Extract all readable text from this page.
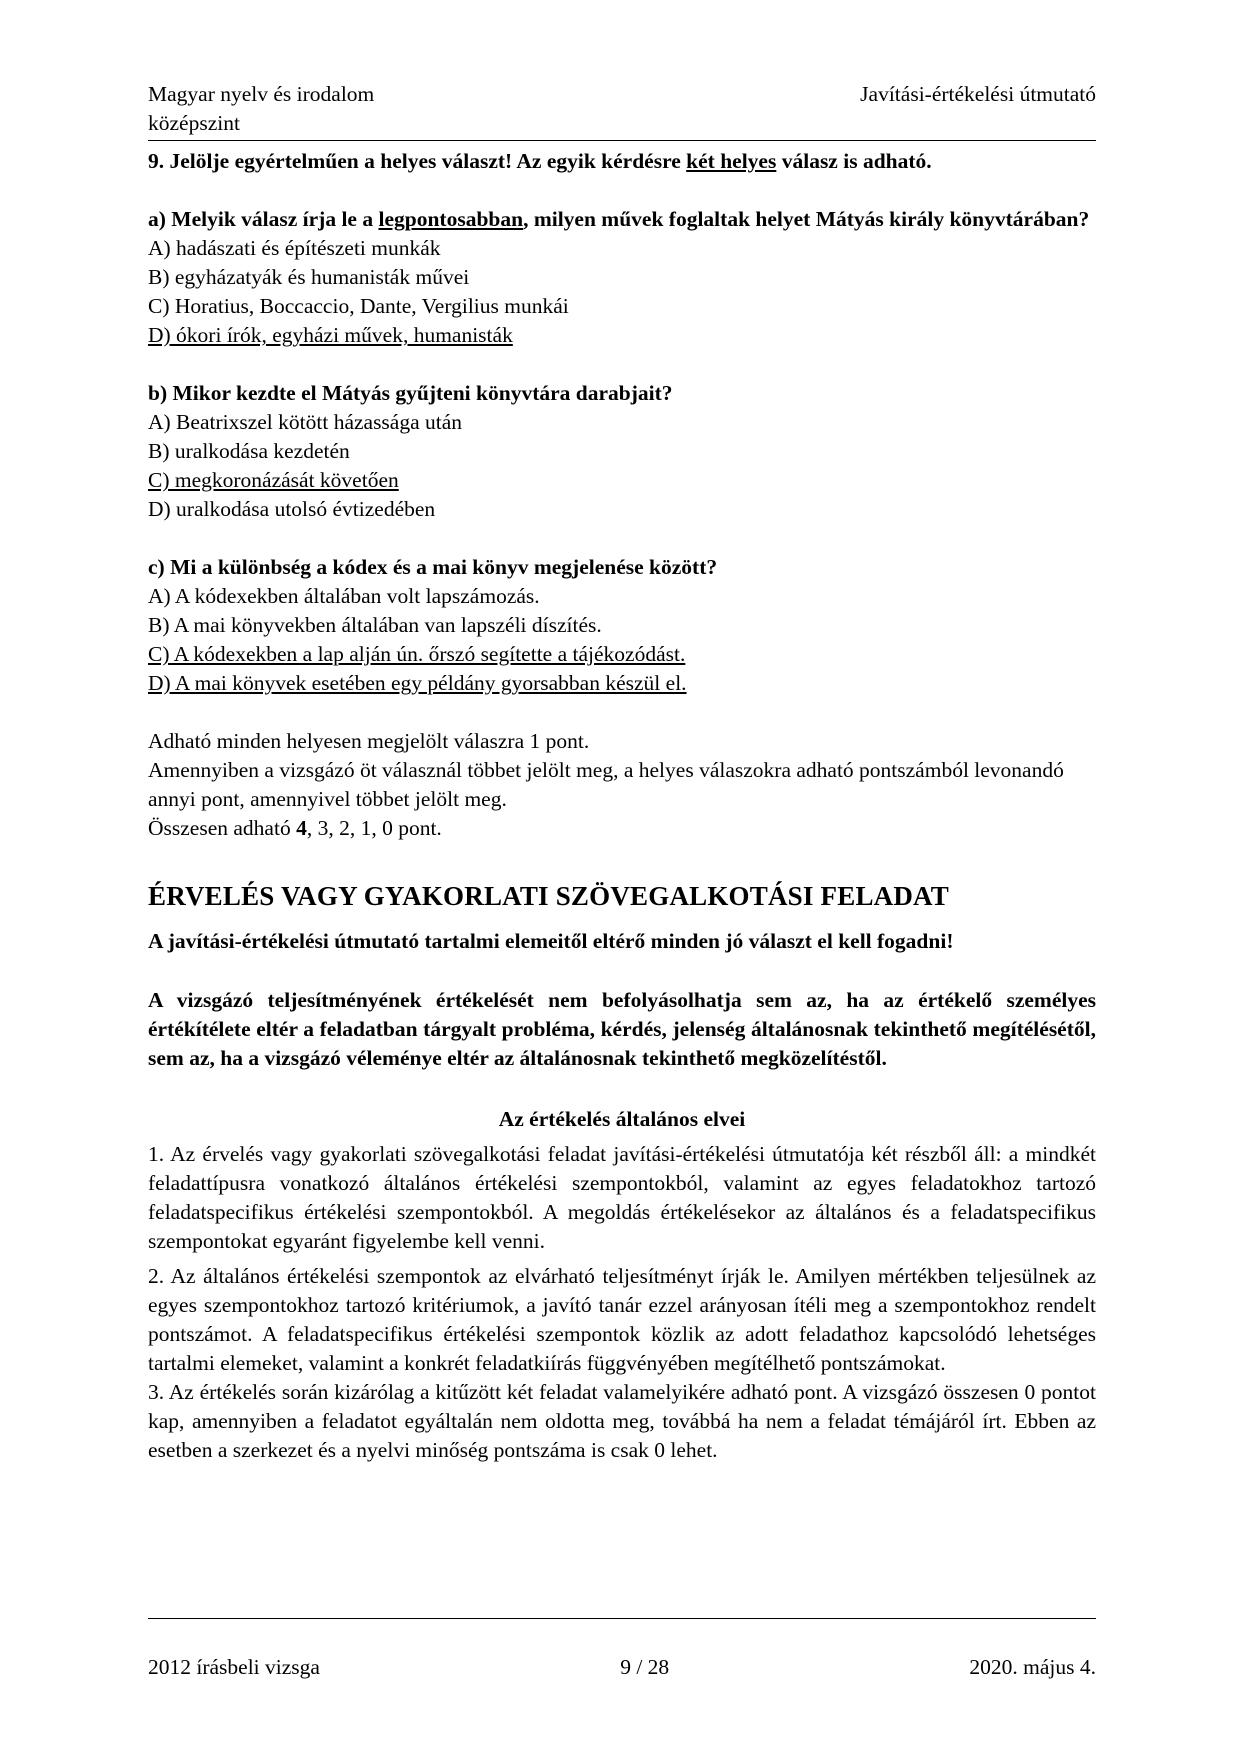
Magyar nyelv és irodalom
középszint
Javítási-értékelési útmutató
9. Jelölje egyértelműen a helyes választ! Az egyik kérdésre két helyes válasz is adható.
a) Melyik válasz írja le a legpontosabban, milyen művek foglaltak helyet Mátyás király könyvtárában?
A) hadászati és építészeti munkák
B) egyházatyák és humanisták művei
C) Horatius, Boccaccio, Dante, Vergilius munkái
D) ókori írók, egyházi művek, humanisták
b) Mikor kezdte el Mátyás gyűjteni könyvtára darabjait?
A) Beatrixszel kötött házassága után
B) uralkodása kezdetén
C) megkoronázását követően
D) uralkodása utolsó évtizedében
c) Mi a különbség a kódex és a mai könyv megjelenése között?
A) A kódexekben általában volt lapszámozás.
B) A mai könyvekben általában van lapszéli díszítés.
C) A kódexekben a lap alján ún. őrszó segítette a tájékozódást.
D) A mai könyvek esetében egy példány gyorsabban készül el.

Adható minden helyesen megjelölt válaszra 1 pont.

Amennyiben a vizsgázó öt válasznál többet jelölt meg, a helyes válaszokra adható pontszámból levonandó annyi pont, amennyivel többet jelölt meg.

Összesen adható 4, 3, 2, 1, 0 pont.

ÉRVELÉS VAGY GYAKORLATI SZÖVEGALKOTÁSI FELADAT

A javítási-értékelési útmutató tartalmi elemeitől eltérő minden jó választ el kell fogadni!

A vizsgázó teljesítményének értékelését nem befolyásolhatja sem az, ha az értékelő személyes értékítélete eltér a feladatban tárgyalt probléma, kérdés, jelenség általánosnak tekinthető megítélésétől, sem az, ha a vizsgázó véleménye eltér az általánosnak tekinthető megközelítéstől.

Az értékelés általános elvei

1. Az érvelés vagy gyakorlati szövegalkotási feladat javítási-értékelési útmutatója két részből áll: a mindkét feladattípusra vonatkozó általános értékelési szempontokból, valamint az egyes feladatokhoz tartozó feladatspecifikus értékelési szempontokból. A megoldás értékelésekor az általános és a feladatspecifikus szempontokat egyaránt figyelembe kell venni.

2. Az általános értékelési szempontok az elvárható teljesítményt írják le. Amilyen mértékben teljesülnek az egyes szempontokhoz tartozó kritériumok, a javító tanár ezzel arányosan ítéli meg a szempontokhoz rendelt pontszámot. A feladatspecifikus értékelési szempontok közlik az adott feladathoz kapcsolódó lehetséges tartalmi elemeket, valamint a konkrét feladatkiírás függvényében megítélhető pontszámokat.

3. Az értékelés során kizárólag a kitűzött két feladat valamelyikére adható pont. A vizsgázó összesen 0 pontot kap, amennyiben a feladatot egyáltalán nem oldotta meg, továbbá ha nem a feladat témájáról írt. Ebben az esetben a szerkezet és a nyelvi minőség pontszáma is csak 0 lehet.

2012 írásbeli vizsga	9 / 28	2020. május 4.
